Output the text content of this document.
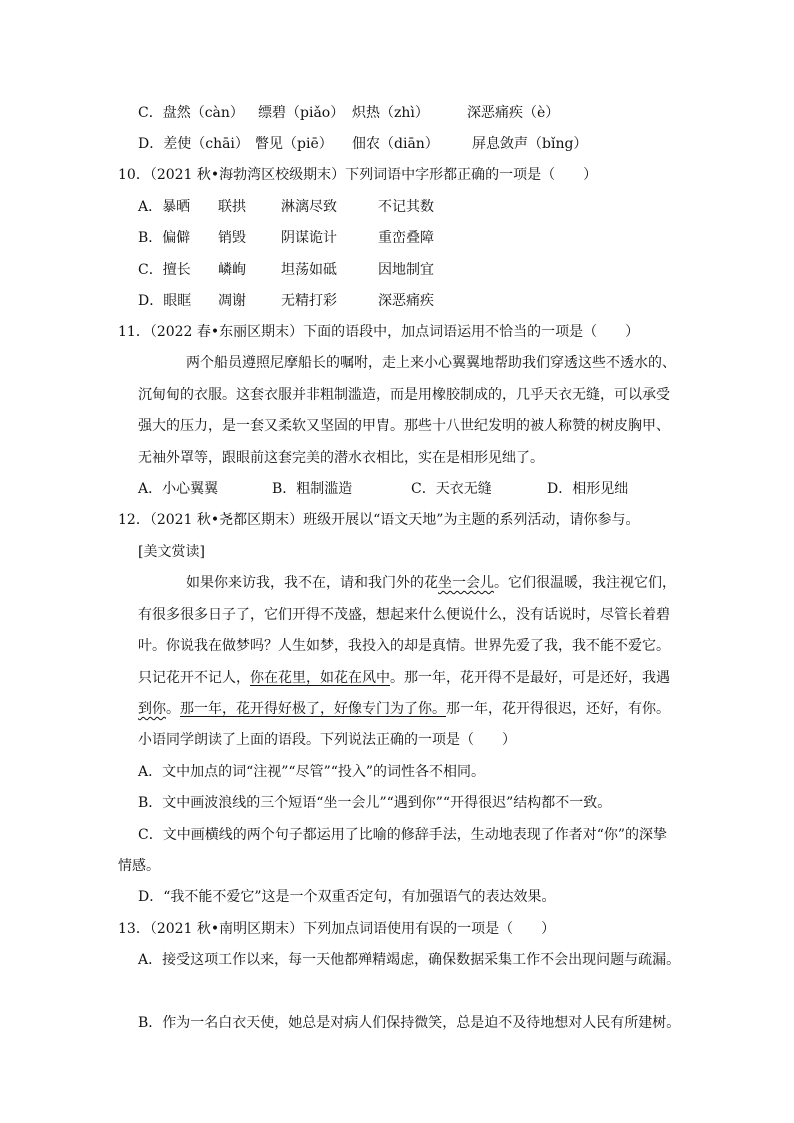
C．盘然（càn） 缥碧（piǎo） 炽热（zhì）	深恶痛疾（è）
D．差使（chāi） 瞥见（piē） 佃农（diān） 屏息敛声（bǐng）
10．（2021 秋•海勃湾区校级期末）下列词语中字形都正确的一项是（　　）
A．暴晒 联拱	淋漓尽致	不记其数
B．偏僻 销毁	阴谋诡计	重峦叠障
C．擅长 嶙峋	坦荡如砥	因地制宜
D．眼眶 凋谢	无精打彩	深恶痛疾
11．（2022 春•东丽区期末）下面的语段中，加点词语运用不恰当的一项是（　　）
两个船员遵照尼摩船长的嘱咐，走上来小心翼翼地帮助我们穿透这些不透水的、
沉甸甸的衣服。这套衣服并非粗制滥造，而是用橡胶制成的，几乎天衣无缝，可以承受
强大的压力，是一套又柔软又坚固的甲胄。那些十八世纪发明的被人称赞的树皮胸甲、
无袖外罩等，跟眼前这套完美的潜水衣相比，实在是相形见绌了。
A．小心翼翼	B．粗制滥造	C．天衣无缝	D．相形见绌
12．（2021 秋•尧都区期末）班级开展以“语文天地”为主题的系列活动，请你参与。
[美文赏读]
如果你来访我，我不在，请和我门外的花坐一会儿。它们很温暖，我注视它们，
有很多很多日子了，它们开得不茂盛，想起来什么便说什么，没有话说时，尽管长着碧
叶。你说我在做梦吗？人生如梦，我投入的却是真情。世界先爱了我，我不能不爱它。
只记花开不记人，你在花里，如花在风中。那一年，花开得不是最好，可是还好，我遇
到你。那一年，花开得好极了，好像专门为了你。那一年，花开得很迟，还好，有你。
小语同学朗读了上面的语段。下列说法正确的一项是（　　）
A．文中加点的词“注视”“尽管”“投入”的词性各不相同。
B．文中画波浪线的三个短语“坐一会儿”“遇到你”“开得很迟”结构都不一致。
C．文中画横线的两个句子都运用了比喻的修辞手法，生动地表现了作者对“你”的深挚
情感。
D．“我不能不爱它”这是一个双重否定句，有加强语气的表达效果。
13．（2021 秋•南明区期末）下列加点词语使用有误的一项是（　　）
A．接受这项工作以来，每一天他都殚精竭虑，确保数据采集工作不会出现问题与疏漏。
B．作为一名白衣天使，她总是对病人们保持微笑，总是迫不及待地想对人民有所建树。
